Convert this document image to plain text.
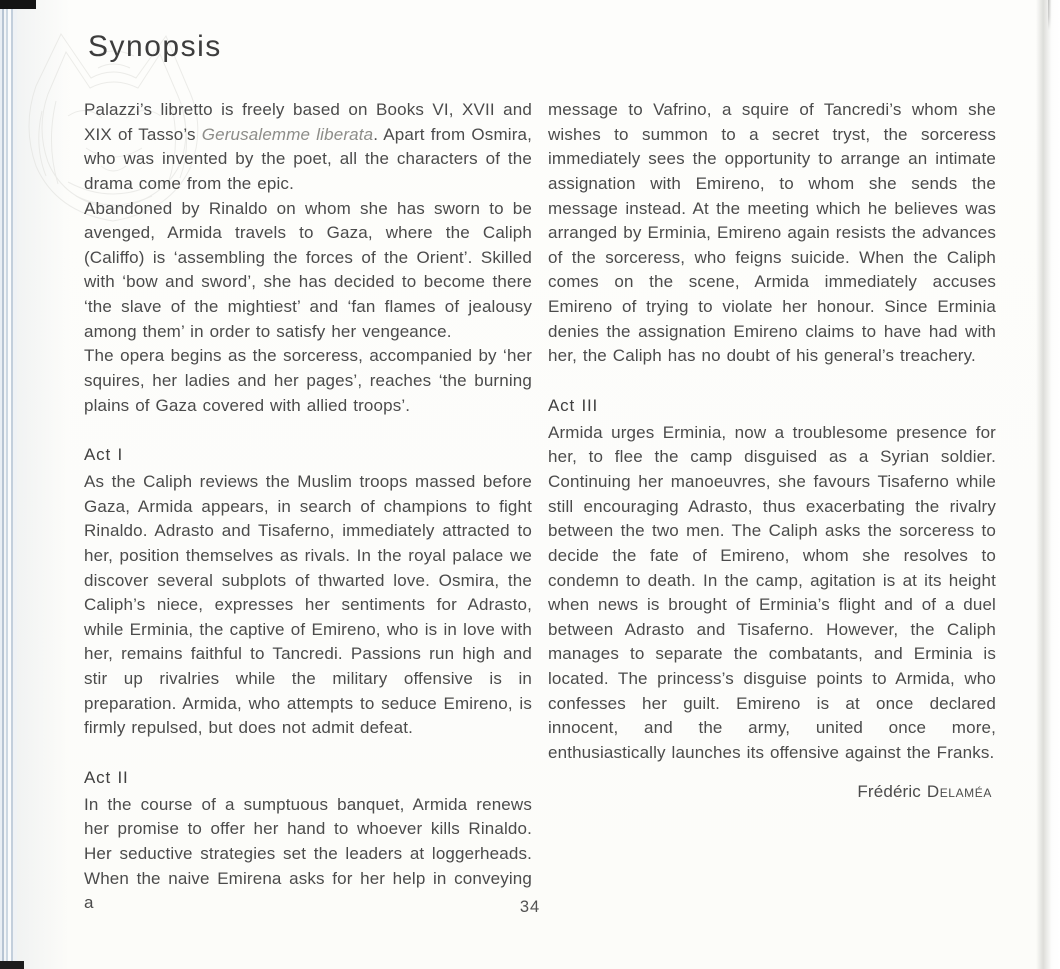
Synopsis

Palazzi’s libretto is freely based on Books VI, XVII and XIX of Tasso’s Gerusalemme liberata. Apart from Osmira, who was invented by the poet, all the characters of the drama come from the epic.

Abandoned by Rinaldo on whom she has sworn to be avenged, Armida travels to Gaza, where the Caliph (Califfo) is ‘assembling the forces of the Orient’. Skilled with ‘bow and sword’, she has decided to become there ‘the slave of the mightiest’ and ‘fan flames of jealousy among them’ in order to satisfy her vengeance.

The opera begins as the sorceress, accompanied by ‘her squires, her ladies and her pages’, reaches ‘the burning plains of Gaza covered with allied troops’.

Act I

As the Caliph reviews the Muslim troops massed before Gaza, Armida appears, in search of champions to fight Rinaldo. Adrasto and Tisaferno, immediately attracted to her, position themselves as rivals. In the royal palace we discover several subplots of thwarted love. Osmira, the Caliph’s niece, expresses her sentiments for Adrasto, while Erminia, the captive of Emireno, who is in love with her, remains faithful to Tancredi. Passions run high and stir up rivalries while the military offensive is in preparation. Armida, who attempts to seduce Emireno, is firmly repulsed, but does not admit defeat.

Act II

In the course of a sumptuous banquet, Armida renews her promise to offer her hand to whoever kills Rinaldo. Her seductive strategies set the leaders at loggerheads. When the naive Emirena asks for her help in conveying a

message to Vafrino, a squire of Tancredi’s whom she wishes to summon to a secret tryst, the sorceress immediately sees the opportunity to arrange an intimate assignation with Emireno, to whom she sends the message instead. At the meeting which he believes was arranged by Erminia, Emireno again resists the advances of the sorceress, who feigns suicide. When the Caliph comes on the scene, Armida immediately accuses Emireno of trying to violate her honour. Since Erminia denies the assignation Emireno claims to have had with her, the Caliph has no doubt of his general’s treachery.

Act III

Armida urges Erminia, now a troublesome presence for her, to flee the camp disguised as a Syrian soldier. Continuing her manoeuvres, she favours Tisaferno while still encouraging Adrasto, thus exacerbating the rivalry between the two men. The Caliph asks the sorceress to decide the fate of Emireno, whom she resolves to condemn to death. In the camp, agitation is at its height when news is brought of Erminia’s flight and of a duel between Adrasto and Tisaferno. However, the Caliph manages to separate the combatants, and Erminia is located. The princess’s disguise points to Armida, who confesses her guilt. Emireno is at once declared innocent, and the army, united once more, enthusiastically launches its offensive against the Franks.

Frédéric Delaméa
34
